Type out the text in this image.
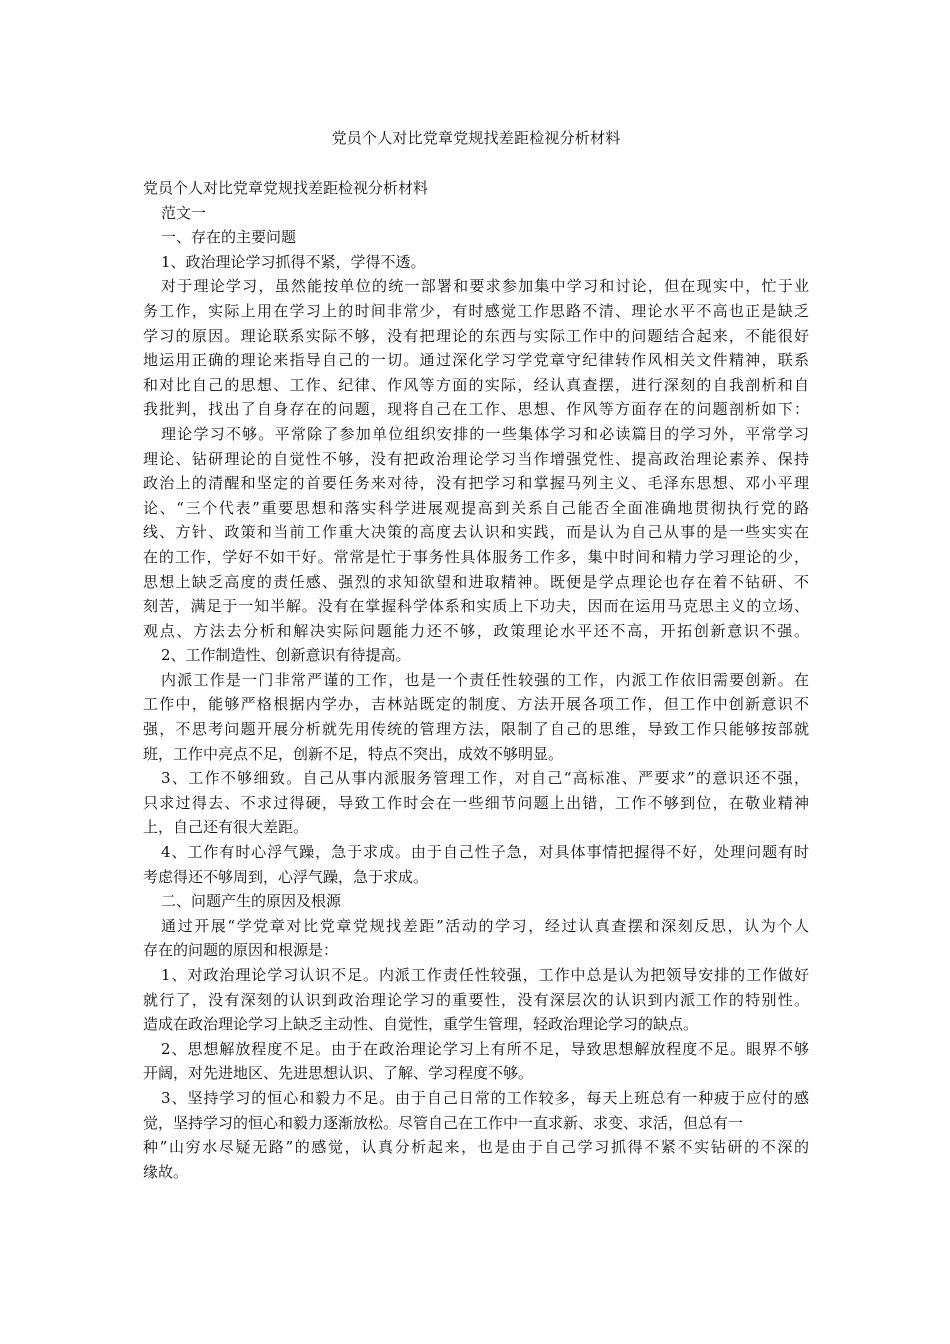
党员个人对比党章党规找差距检视分析材料
党员个人对比党章党规找差距检视分析材料
范文一
一、存在的主要问题
1、政治理论学习抓得不紧，学得不透。
对于理论学习，虽然能按单位的统一部署和要求参加集中学习和讨论，但在现实中，忙于业
务工作，实际上用在学习上的时间非常少，有时感觉工作思路不清、理论水平不高也正是缺乏
学习的原因。理论联系实际不够，没有把理论的东西与实际工作中的问题结合起来，不能很好
地运用正确的理论来指导自己的一切。通过深化学习学党章守纪律转作风相关文件精神，联系
和对比自己的思想、工作、纪律、作风等方面的实际，经认真查摆，进行深刻的自我剖析和自
我批判，找出了自身存在的问题，现将自己在工作、思想、作风等方面存在的问题剖析如下：
理论学习不够。平常除了参加单位组织安排的一些集体学习和必读篇目的学习外，平常学习
理论、钻研理论的自觉性不够，没有把政治理论学习当作增强党性、提高政治理论素养、保持
政治上的清醒和坚定的首要任务来对待，没有把学习和掌握马列主义、毛泽东思想、邓小平理
论、“三个代表”重要思想和落实科学进展观提高到关系自己能否全面准确地贯彻执行党的路
线、方针、政策和当前工作重大决策的高度去认识和实践，而是认为自己从事的是一些实实在
在的工作，学好不如干好。常常是忙于事务性具体服务工作多，集中时间和精力学习理论的少，
思想上缺乏高度的责任感、强烈的求知欲望和进取精神。既便是学点理论也存在着不钻研、不
刻苦，满足于一知半解。没有在掌握科学体系和实质上下功夫，因而在运用马克思主义的立场、
观点、方法去分析和解决实际问题能力还不够，政策理论水平还不高，开拓创新意识不强。
2、工作制造性、创新意识有待提高。
内派工作是一门非常严谨的工作，也是一个责任性较强的工作，内派工作依旧需要创新。在
工作中，能够严格根据内学办，吉林站既定的制度、方法开展各项工作，但工作中创新意识不
强，不思考问题开展分析就先用传统的管理方法，限制了自己的思维，导致工作只能够按部就
班，工作中亮点不足，创新不足，特点不突出，成效不够明显。
3、工作不够细致。自己从事内派服务管理工作，对自己“高标准、严要求”的意识还不强，
只求过得去、不求过得硬，导致工作时会在一些细节问题上出错，工作不够到位，在敬业精神
上，自己还有很大差距。
4、工作有时心浮气躁，急于求成。由于自己性子急，对具体事情把握得不好，处理问题有时
考虑得还不够周到，心浮气躁，急于求成。
二、问题产生的原因及根源
通过开展“学党章对比党章党规找差距”活动的学习，经过认真查摆和深刻反思，认为个人
存在的问题的原因和根源是：
1、对政治理论学习认识不足。内派工作责任性较强，工作中总是认为把领导安排的工作做好
就行了，没有深刻的认识到政治理论学习的重要性，没有深层次的认识到内派工作的特别性。
造成在政治理论学习上缺乏主动性、自觉性，重学生管理，轻政治理论学习的缺点。
2、思想解放程度不足。由于在政治理论学习上有所不足，导致思想解放程度不足。眼界不够
开阔，对先进地区、先进思想认识、了解、学习程度不够。
3、坚持学习的恒心和毅力不足。由于自己日常的工作较多，每天上班总有一种疲于应付的感
觉，坚持学习的恒心和毅力逐渐放松。尽管自己在工作中一直求新、求变、求活，但总有一
种”山穷水尽疑无路”的感觉，认真分析起来，也是由于自己学习抓得不紧不实钻研的不深的
缘故。
